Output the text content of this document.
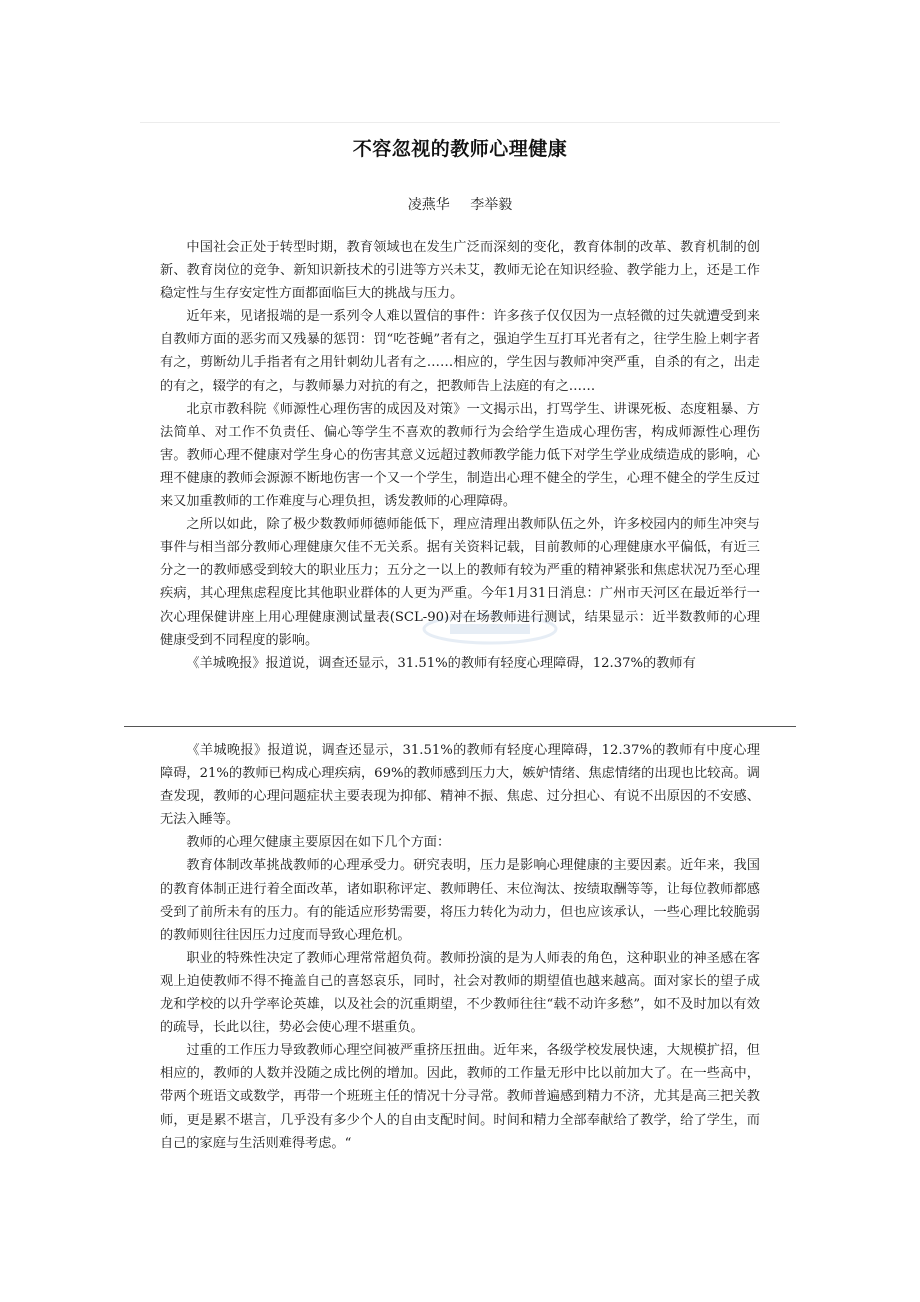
不容忽视的教师心理健康
凌燕华 李举毅

中国社会正处于转型时期，教育领域也在发生广泛而深刻的变化，教育体制的改革、教育机制的创新、教育岗位的竞争、新知识新技术的引进等方兴未艾，教师无论在知识经验、教学能力上，还是工作稳定性与生存安定性方面都面临巨大的挑战与压力。

近年来，见诸报端的是一系列令人难以置信的事件：许多孩子仅仅因为一点轻微的过失就遭受到来自教师方面的恶劣而又残暴的惩罚：罚“吃苍蝇”者有之，强迫学生互打耳光者有之，往学生脸上刺字者有之，剪断幼儿手指者有之用针刺幼儿者有之……相应的，学生因与教师冲突严重，自杀的有之，出走的有之，辍学的有之，与教师暴力对抗的有之，把教师告上法庭的有之……

北京市教科院《师源性心理伤害的成因及对策》一文揭示出，打骂学生、讲课死板、态度粗暴、方法简单、对工作不负责任、偏心等学生不喜欢的教师行为会给学生造成心理伤害，构成师源性心理伤害。教师心理不健康对学生身心的伤害其意义远超过教师教学能力低下对学生学业成绩造成的影响，心理不健康的教师会源源不断地伤害一个又一个学生，制造出心理不健全的学生，心理不健全的学生反过来又加重教师的工作难度与心理负担，诱发教师的心理障碍。

之所以如此，除了极少数教师师德师能低下，理应清理出教师队伍之外，许多校园内的师生冲突与事件与相当部分教师心理健康欠佳不无关系。据有关资料记载，目前教师的心理健康水平偏低，有近三分之一的教师感受到较大的职业压力；五分之一以上的教师有较为严重的精神紧张和焦虑状况乃至心理疾病，其心理焦虑程度比其他职业群体的人更为严重。今年1月31日消息：广州市天河区在最近举行一次心理保健讲座上用心理健康测试量表(SCL-90)对在场教师进行测试，结果显示：近半数教师的心理健康受到不同程度的影响。

《羊城晚报》报道说，调查还显示，31.51%的教师有轻度心理障碍，12.37%的教师有

《羊城晚报》报道说，调查还显示，31.51%的教师有轻度心理障碍，12.37%的教师有中度心理障碍，21%的教师已构成心理疾病，69%的教师感到压力大，嫉妒情绪、焦虑情绪的出现也比较高。调查发现，教师的心理问题症状主要表现为抑郁、精神不振、焦虑、过分担心、有说不出原因的不安感、无法入睡等。

教师的心理欠健康主要原因在如下几个方面：

教育体制改革挑战教师的心理承受力。研究表明，压力是影响心理健康的主要因素。近年来，我国的教育体制正进行着全面改革，诸如职称评定、教师聘任、末位淘汰、按绩取酬等等，让每位教师都感受到了前所未有的压力。有的能适应形势需要，将压力转化为动力，但也应该承认，一些心理比较脆弱的教师则往往因压力过度而导致心理危机。

职业的特殊性决定了教师心理常常超负荷。教师扮演的是为人师表的角色，这种职业的神圣感在客观上迫使教师不得不掩盖自己的喜怒哀乐，同时，社会对教师的期望值也越来越高。面对家长的望子成龙和学校的以升学率论英雄，以及社会的沉重期望，不少教师往往“载不动许多愁”，如不及时加以有效的疏导，长此以往，势必会使心理不堪重负。

过重的工作压力导致教师心理空间被严重挤压扭曲。近年来，各级学校发展快速，大规模扩招，但相应的，教师的人数并没随之成比例的增加。因此，教师的工作量无形中比以前加大了。在一些高中，带两个班语文或数学，再带一个班班主任的情况十分寻常。教师普遍感到精力不济，尤其是高三把关教师，更是累不堪言，几乎没有多少个人的自由支配时间。时间和精力全部奉献给了教学，给了学生，而自己的家庭与生活则难得考虑。“
